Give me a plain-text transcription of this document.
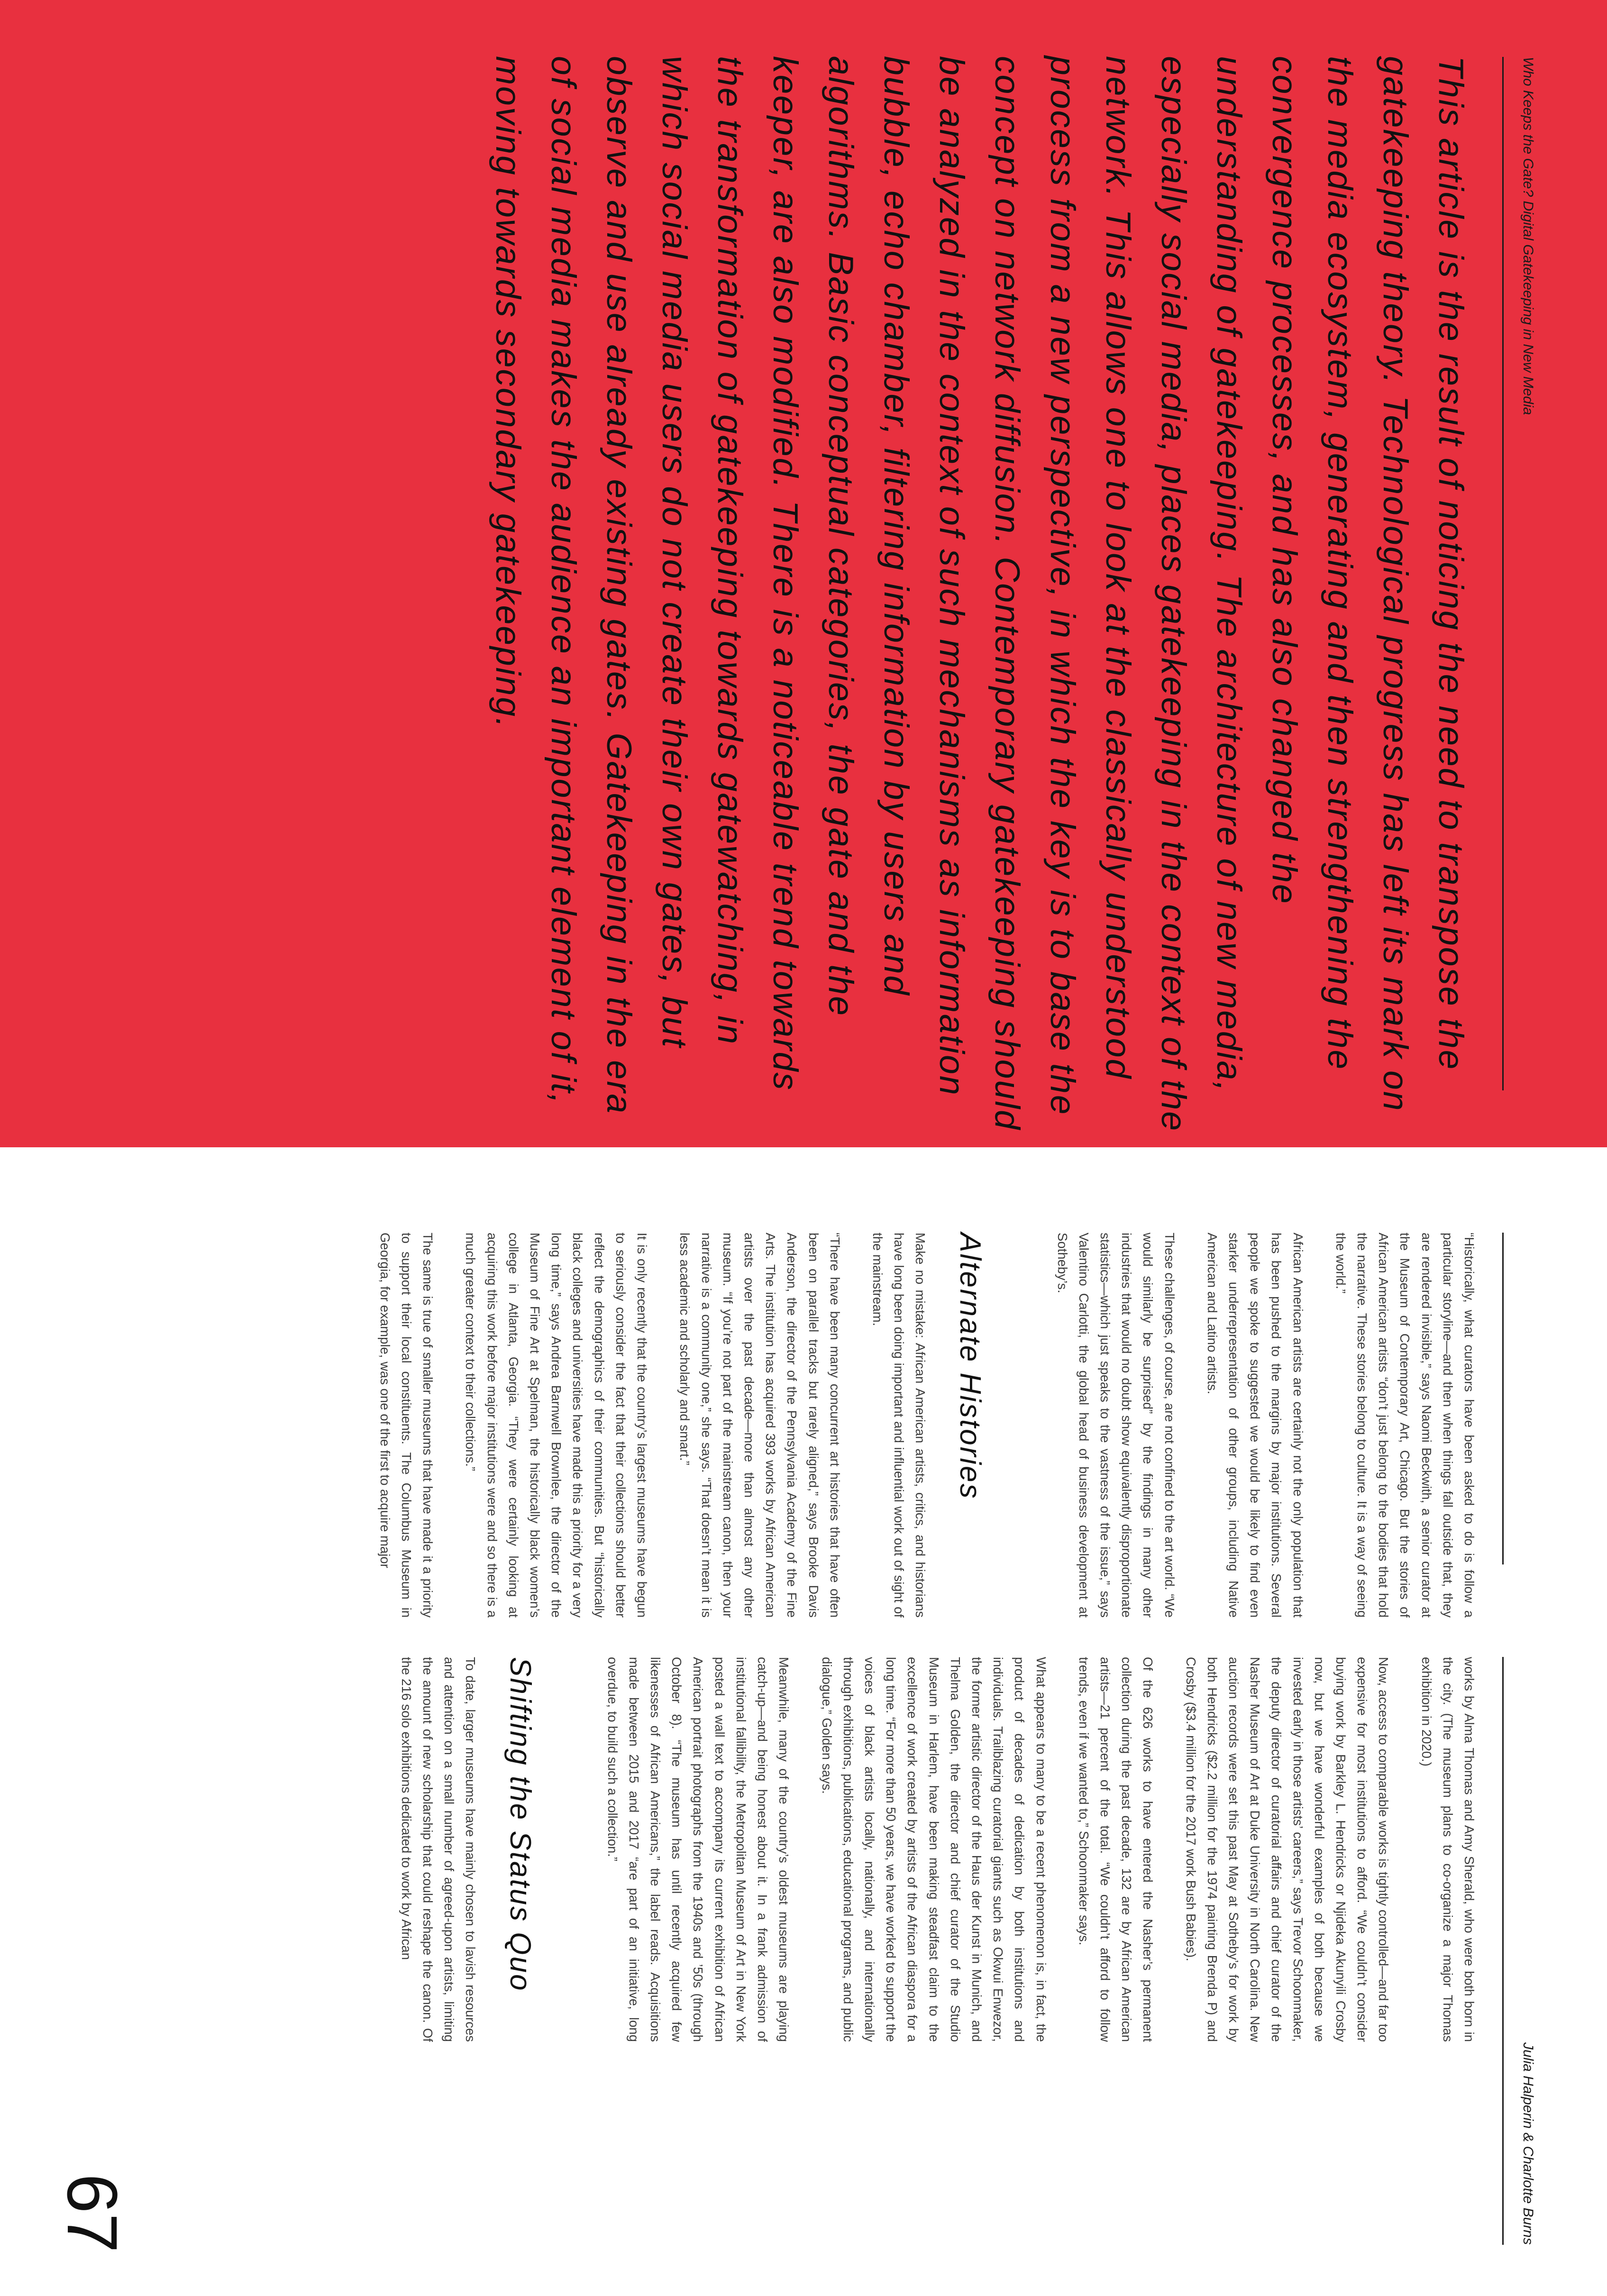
Who Keeps the Gate? Digital Gatekeeping in New Media

This article is the result of noticing the need to transpose the gatekeeping theory. Technological progress has left its mark on the media ecosystem, generating and then strengthening the convergence processes, and has also changed the understanding of gatekeeping. The architecture of new media, especially social media, places gatekeeping in the context of the network. This allows one to look at the classically understood process from a new perspective, in which the key is to base the concept on network diffusion. Contemporary gatekeeping should be analyzed in the context of such mechanisms as information bubble, echo chamber, filtering information by users and algorithms. Basic conceptual categories, the gate and the keeper, are also modified. There is a noticeable trend towards the transformation of gatekeeping towards gatewatching, in which social media users do not create their own gates, but observe and use already existing gates. Gatekeeping in the era of social media makes the audience an important element of it, moving towards secondary gatekeeping.

Julia Halperin & Charlotte Burns

“Historically, what curators have been asked to do is follow a particular storyline—and then when things fall outside that, they are rendered invisible,” says Naomi Beckwith, a senior curator at the Museum of Contemporary Art, Chicago. But the stories of African American artists “don’t just belong to the bodies that hold the narrative. These stories belong to culture. It is a way of seeing the world.”

African American artists are certainly not the only population that has been pushed to the margins by major institutions. Several people we spoke to suggested we would be likely to find even starker underrepresentation of other groups, including Native American and Latino artists.

These challenges, of course, are not confined to the art world. “We would similarly be surprised” by the findings in many other industries that would no doubt show equivalently disproportionate statistics—which just speaks to the vastness of the issue,” says Valentino Carlotti, the global head of business development at Sotheby’s.

Alternate Histories

Make no mistake: African American artists, critics, and historians have long been doing important and influential work out of sight of the mainstream.

“There have been many concurrent art histories that have often been on parallel tracks but rarely aligned,” says Brooke Davis Anderson, the director of the Pennsylvania Academy of the Fine Arts. The institution has acquired 393 works by African American artists over the past decade—more than almost any other museum. “If you’re not part of the mainstream canon, then your narrative is a community one,” she says. “That doesn’t mean it is less academic and scholarly and smart.”

It is only recently that the country’s largest museums have begun to seriously consider the fact that their collections should better reflect the demographics of their communities. But “historically black colleges and universities have made this a priority for a very long time,” says Andrea Barnwell Brownlee, the director of the Museum of Fine Art at Spelman, the historically black women’s college in Atlanta, Georgia. “They were certainly looking at acquiring this work before major institutions were and so there is a much greater context to their collections.”

The same is true of smaller museums that have made it a priority to support their local constituents. The Columbus Museum in Georgia, for example, was one of the first to acquire major

works by Alma Thomas and Amy Sherald, who were both born in the city. (The museum plans to co-organize a major Thomas exhibition in 2020.)

Now, access to comparable works is tightly controlled—and far too expensive for most institutions to afford. “We couldn’t consider buying work by Barkley L. Hendricks or Njideka Akunyili Crosby now, but we have wonderful examples of both because we invested early in those artists’ careers,” says Trevor Schoonmaker, the deputy director of curatorial affairs and chief curator of the Nasher Museum of Art at Duke University in North Carolina. New auction records were set this past May at Sotheby’s for work by both Hendricks ($2.2 million for the 1974 painting Brenda P) and Crosby ($3.4 million for the 2017 work Bush Babies).

Of the 626 works to have entered the Nasher’s permanent collection during the past decade, 132 are by African American artists—21 percent of the total. “We couldn’t afford to follow trends, even if we wanted to,” Schoonmaker says.

What appears to many to be a recent phenomenon is, in fact, the product of decades of dedication by both institutions and individuals. Trailblazing curatorial giants such as Okwui Enwezor, the former artistic director of the Haus der Kunst in Munich, and Thelma Golden, the director and chief curator of the Studio Museum in Harlem, have been making steadfast claim to the excellence of work created by artists of the African diaspora for a long time. “For more than 50 years, we have worked to support the voices of black artists locally, nationally, and internationally through exhibitions, publications, educational programs, and public dialogue,” Golden says.

Meanwhile, many of the country’s oldest museums are playing catch-up—and being honest about it. In a frank admission of institutional fallibility, the Metropolitan Museum of Art in New York posted a wall text to accompany its current exhibition of African American portrait photographs from the 1940s and ’50s (through October 8). “The museum has until recently acquired few likenesses of African Americans,” the label reads. Acquisitions made between 2015 and 2017 “are part of an initiative, long overdue, to build such a collection.”

Shifting the Status Quo

To date, larger museums have mainly chosen to lavish resources and attention on a small number of agreed-upon artists, limiting the amount of new scholarship that could reshape the canon. Of the 216 solo exhibitions dedicated to work by African

67
